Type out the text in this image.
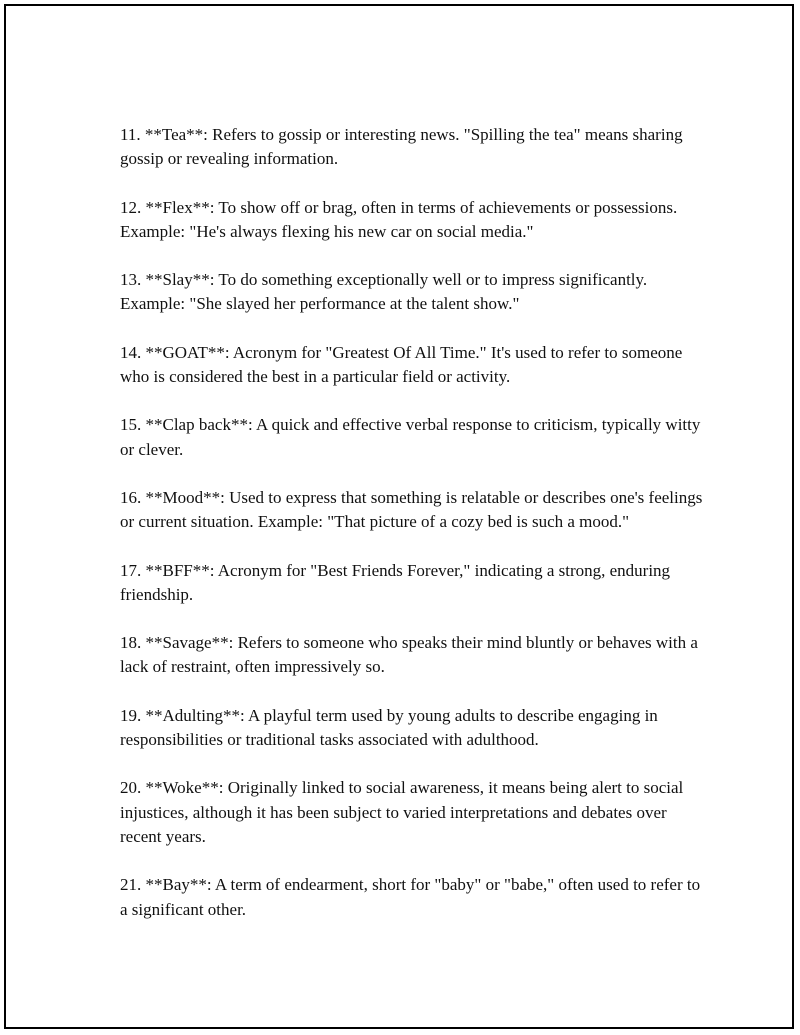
11. **Tea**: Refers to gossip or interesting news. "Spilling the tea" means sharing gossip or revealing information.

12. **Flex**: To show off or brag, often in terms of achievements or possessions. Example: "He's always flexing his new car on social media."

13. **Slay**: To do something exceptionally well or to impress significantly. Example: "She slayed her performance at the talent show."

14. **GOAT**: Acronym for "Greatest Of All Time." It's used to refer to someone who is considered the best in a particular field or activity.

15. **Clap back**: A quick and effective verbal response to criticism, typically witty or clever.

16. **Mood**: Used to express that something is relatable or describes one's feelings or current situation. Example: "That picture of a cozy bed is such a mood."

17. **BFF**: Acronym for "Best Friends Forever," indicating a strong, enduring friendship.

18. **Savage**: Refers to someone who speaks their mind bluntly or behaves with a lack of restraint, often impressively so.

19. **Adulting**: A playful term used by young adults to describe engaging in responsibilities or traditional tasks associated with adulthood.

20. **Woke**: Originally linked to social awareness, it means being alert to social injustices, although it has been subject to varied interpretations and debates over recent years.

21. **Bay**: A term of endearment, short for "baby" or "babe," often used to refer to a significant other.
